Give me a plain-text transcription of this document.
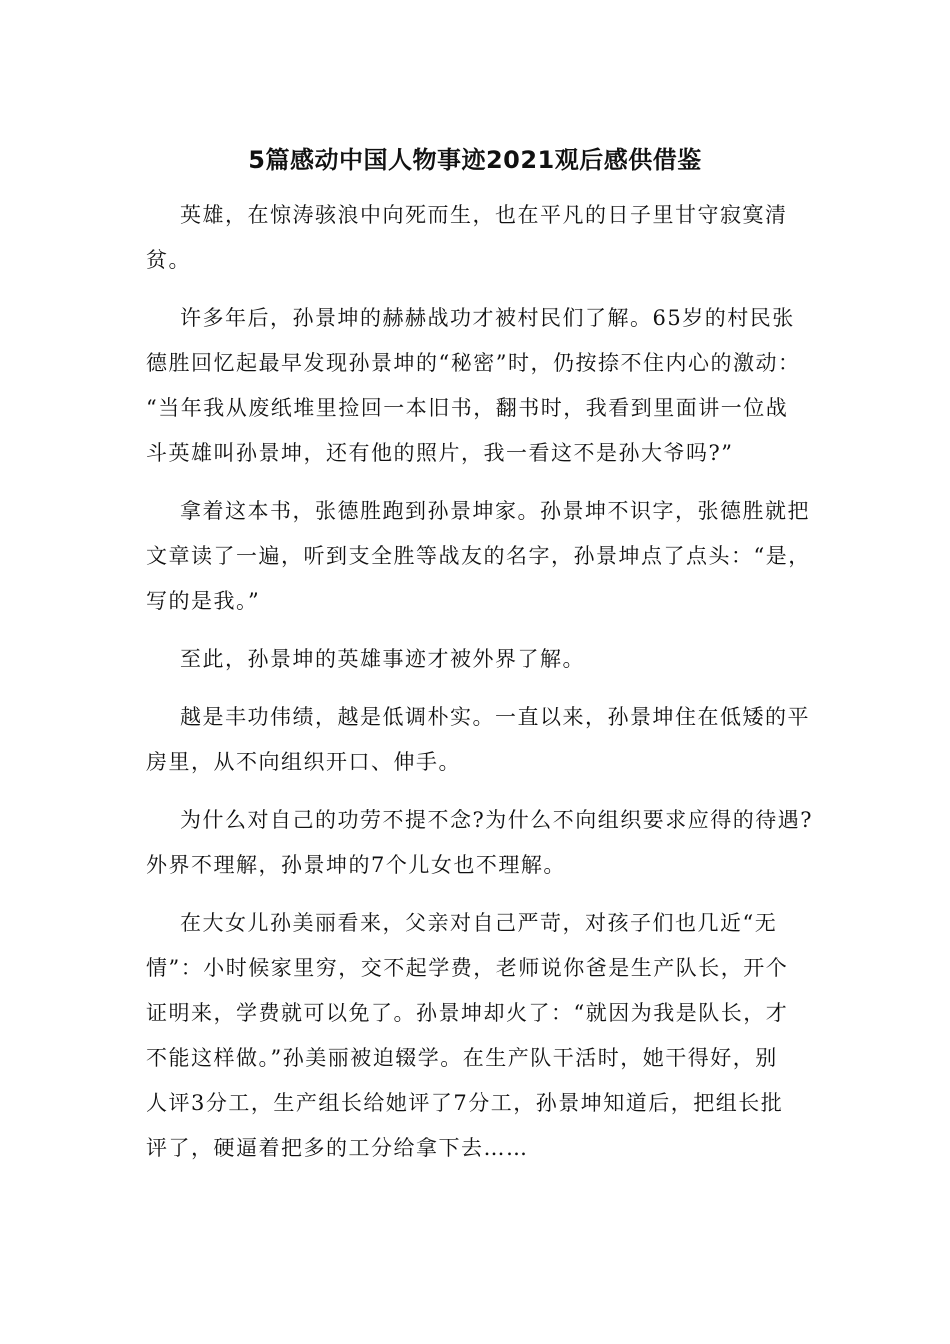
5篇感动中国人物事迹2021观后感供借鉴

英雄，在惊涛骇浪中向死而生，也在平凡的日子里甘守寂寞清贫。

许多年后，孙景坤的赫赫战功才被村民们了解。65岁的村民张
德胜回忆起最早发现孙景坤的“秘密”时，仍按捺不住内心的激动：
“当年我从废纸堆里捡回一本旧书，翻书时，我看到里面讲一位战
斗英雄叫孙景坤，还有他的照片，我一看这不是孙大爷吗?”

拿着这本书，张德胜跑到孙景坤家。孙景坤不识字，张德胜就把
文章读了一遍，听到支全胜等战友的名字，孙景坤点了点头：“是，
写的是我。”

至此，孙景坤的英雄事迹才被外界了解。

越是丰功伟绩，越是低调朴实。一直以来，孙景坤住在低矮的平
房里，从不向组织开口、伸手。

为什么对自己的功劳不提不念?为什么不向组织要求应得的待遇?
外界不理解，孙景坤的7个儿女也不理解。

在大女儿孙美丽看来，父亲对自己严苛，对孩子们也几近“无
情”：小时候家里穷，交不起学费，老师说你爸是生产队长，开个
证明来，学费就可以免了。孙景坤却火了：“就因为我是队长，才
不能这样做。”孙美丽被迫辍学。在生产队干活时，她干得好，别
人评3分工，生产组长给她评了7分工，孙景坤知道后，把组长批
评了，硬逼着把多的工分给拿下去……
